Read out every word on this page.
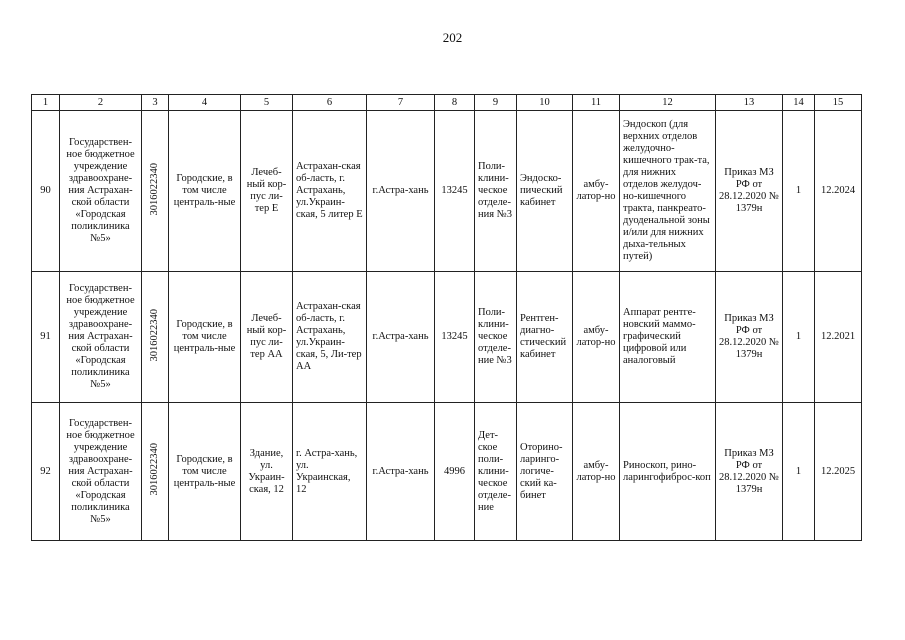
202
1	2	3	4	5	6	7	8	9	10	11	12	13	14	15
90	Государствен-ное бюджетное учреждение здравоохране-ния Астрахан-ской области «Городская поликлиника №5»	3016022340	Городские, в том числе централь-ные	Лечеб-ный кор-пус ли-тер Е	Астрахан-ская об-ласть, г. Астрахань, ул.Украин-ская, 5 литер Е	г.Астра-хань	13245	Поли-клини-ческое отделе-ния №3	Эндоско-пический кабинет	амбу-латор-но	Эндоскоп (для верхних отделов желудочно-кишечного трак-та, для нижних отделов желудоч-но-кишечного тракта, панкреато-дуоденальной зоны и/или для нижних дыха-тельных путей)	Приказ МЗ РФ от 28.12.2020 № 1379н	1	12.2024
91	Государствен-ное бюджетное учреждение здравоохране-ния Астрахан-ской области «Городская поликлиника №5»	3016022340	Городские, в том числе централь-ные	Лечеб-ный кор-пус ли-тер АА	Астрахан-ская об-ласть, г. Астрахань, ул.Украин-ская, 5, Ли-тер АА	г.Астра-хань	13245	Поли-клини-ческое отделе-ние №3	Рентген-диагно-стический кабинет	амбу-латор-но	Аппарат рентге-новский маммо-графический цифровой или аналоговый	Приказ МЗ РФ от 28.12.2020 № 1379н	1	12.2021
92	Государствен-ное бюджетное учреждение здравоохране-ния Астрахан-ской области «Городская поликлиника №5»	3016022340	Городские, в том числе централь-ные	Здание, ул. Украин-ская, 12	г. Астра-хань, ул. Украинская, 12	г.Астра-хань	4996	Дет-ское поли-клини-ческое отделе-ние	Оторино-ларинго-логиче-ский ка-бинет	амбу-латор-но	Риноскоп, рино-ларингофиброс-коп	Приказ МЗ РФ от 28.12.2020 № 1379н	1	12.2025
